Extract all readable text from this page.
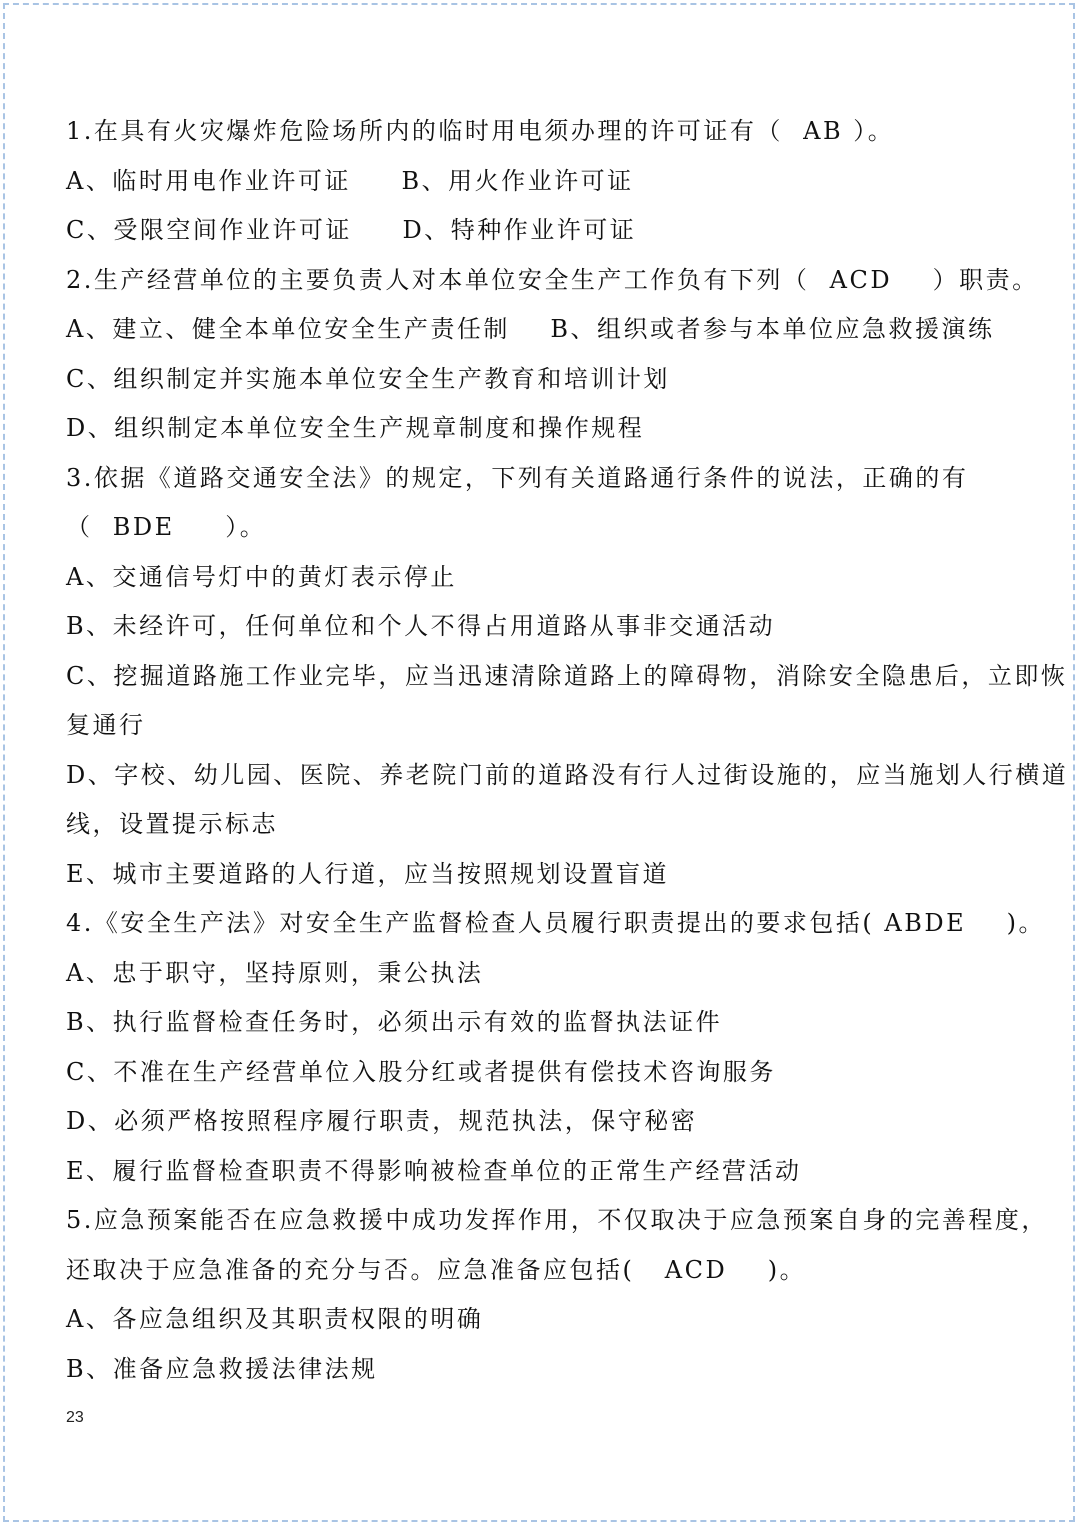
1.在具有火灾爆炸危险场所内的临时用电须办理的许可证有（  AB ）。
A、临时用电作业许可证     B、用火作业许可证
C、受限空间作业许可证     D、特种作业许可证
2.生产经营单位的主要负责人对本单位安全生产工作负有下列（  ACD    ）职责。
A、建立、健全本单位安全生产责任制    B、组织或者参与本单位应急救援演练
C、组织制定并实施本单位安全生产教育和培训计划
D、组织制定本单位安全生产规章制度和操作规程
3.依据《道路交通安全法》的规定，下列有关道路通行条件的说法，正确的有
（  BDE     ）。
A、交通信号灯中的黄灯表示停止
B、未经许可，任何单位和个人不得占用道路从事非交通活动
C、挖掘道路施工作业完毕，应当迅速清除道路上的障碍物，消除安全隐患后，立即恢
复通行
D、字校、幼儿园、医院、养老院门前的道路没有行人过街设施的，应当施划人行横道
线，设置提示标志
E、城市主要道路的人行道，应当按照规划设置盲道
4.《安全生产法》对安全生产监督检查人员履行职责提出的要求包括( ABDE    )。
A、忠于职守，坚持原则，秉公执法
B、执行监督检查任务时，必须出示有效的监督执法证件
C、不准在生产经营单位入股分红或者提供有偿技术咨询服务
D、必须严格按照程序履行职责，规范执法，保守秘密
E、履行监督检查职责不得影响被检查单位的正常生产经营活动
5.应急预案能否在应急救援中成功发挥作用，不仅取决于应急预案自身的完善程度，
还取决于应急准备的充分与否。应急准备应包括(   ACD    )。
A、各应急组织及其职责权限的明确
B、准备应急救援法律法规
23
